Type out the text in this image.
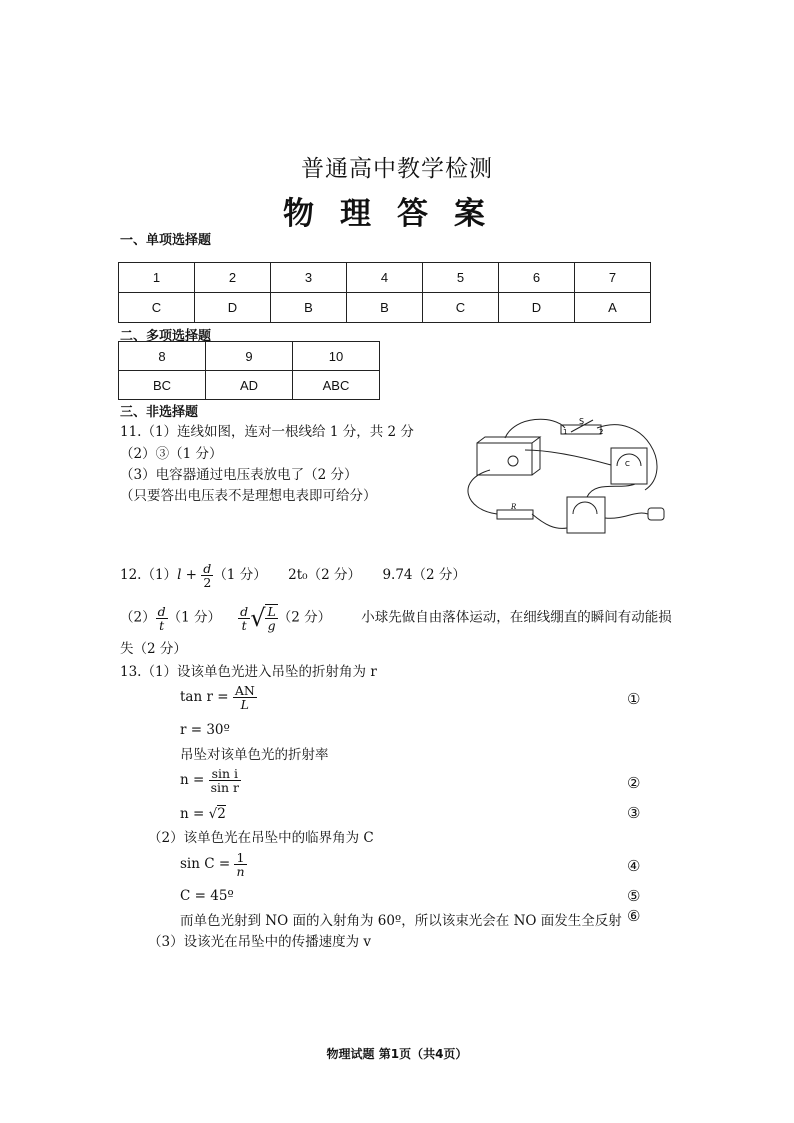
普通高中教学检测
物理答案
一、单项选择题
1	2	3	4	5	6	7
C	D	B	B	C	D	A
二、多项选择题
8	9	10
BC	AD	ABC
三、非选择题
11.（1）连线如图，连对一根线给 1 分，共 2 分
（2）③（1 分）
（3）电容器通过电压表放电了（2 分）
（只要答出电压表不是理想电表即可给分）
S
1	2
R
C
$12.(1)l + \frac{d}{2} (1$ 分） 2t₀（2 分） 9.74（2 分）
$(2) \frac{d}{t} (1$ 分） $\frac{d}{t}$ √ $\frac{L}{g} (2$ 分） 小球先做自由落体运动，在细线绷直的瞬间有动能损
失（2 分）
13.（1）设该单色光进入吊坠的折射角为 r
$\tan r = \frac{AN}{L}$	①
r = 30º
吊坠对该单色光的折射率
$n = \frac{\text{sin i}}{\text{sin r}}$	②
n = √2	③
（2）该单色光在吊坠中的临界角为 C
$\sin C = \frac{1}{n}$	④
C = 45º	⑤
而单色光射到 NO 面的入射角为 60º，所以该束光会在 NO 面发生全反射 ⑥
（3）设该光在吊坠中的传播速度为 v
物理试题 第1页（共4页）
